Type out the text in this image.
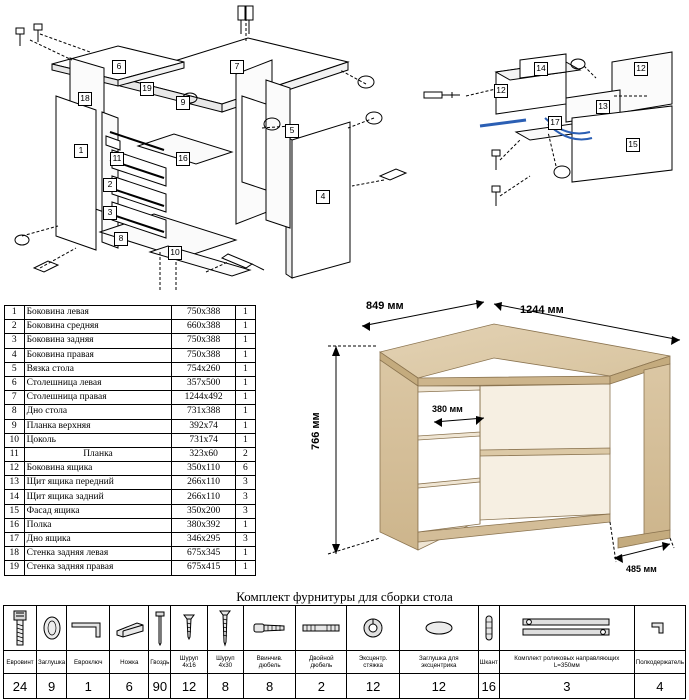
1
2
3
4
5
6	7
8
9
10
11	16
18
19	12
12
13
14
15
17
1	Боковина левая	750x388	1
2	Боковина средняя	660x388	1
3	Боковина задняя	750x388	1
4	Боковина правая	750x388	1
5	Вязка стола	754x260	1
6	Столешница левая	357x500	1
7	Столешница правая	1244x492	1
8	Дно стола	731x388	1
9	Планка верхняя	392x74	1
10	Цоколь	731x74	1
11	Планка	323x60	2
12	Боковина ящика	350x110	6
13	Щит ящика передний	266x110	3
14	Щит ящика задний	266x110	3
15	Фасад ящика	350x200	3
16	Полка	380x392	1
17	Дно ящика	346x295	3
18	Стенка задняя левая	675x345	1
19	Стенка задняя правая	675x415	1
849 мм	1244 мм
766 мм
380 мм
485 мм
Комплект фурнитуры для сборки стола

Евровинт	Заглушка	Евроключ	Ножка	Гвоздь	Шуруп 4x16	Шуруп 4x30	Ввинчив. дюбель	Двойной дюбель	Эксцентр. стяжка	Заглушка для эксцентрика	Шкант	Комплект роликовых направляющих L=350мм	Полкодержатель
24	9	1	6	90	12	8	8	2	12	12	16	3	4
